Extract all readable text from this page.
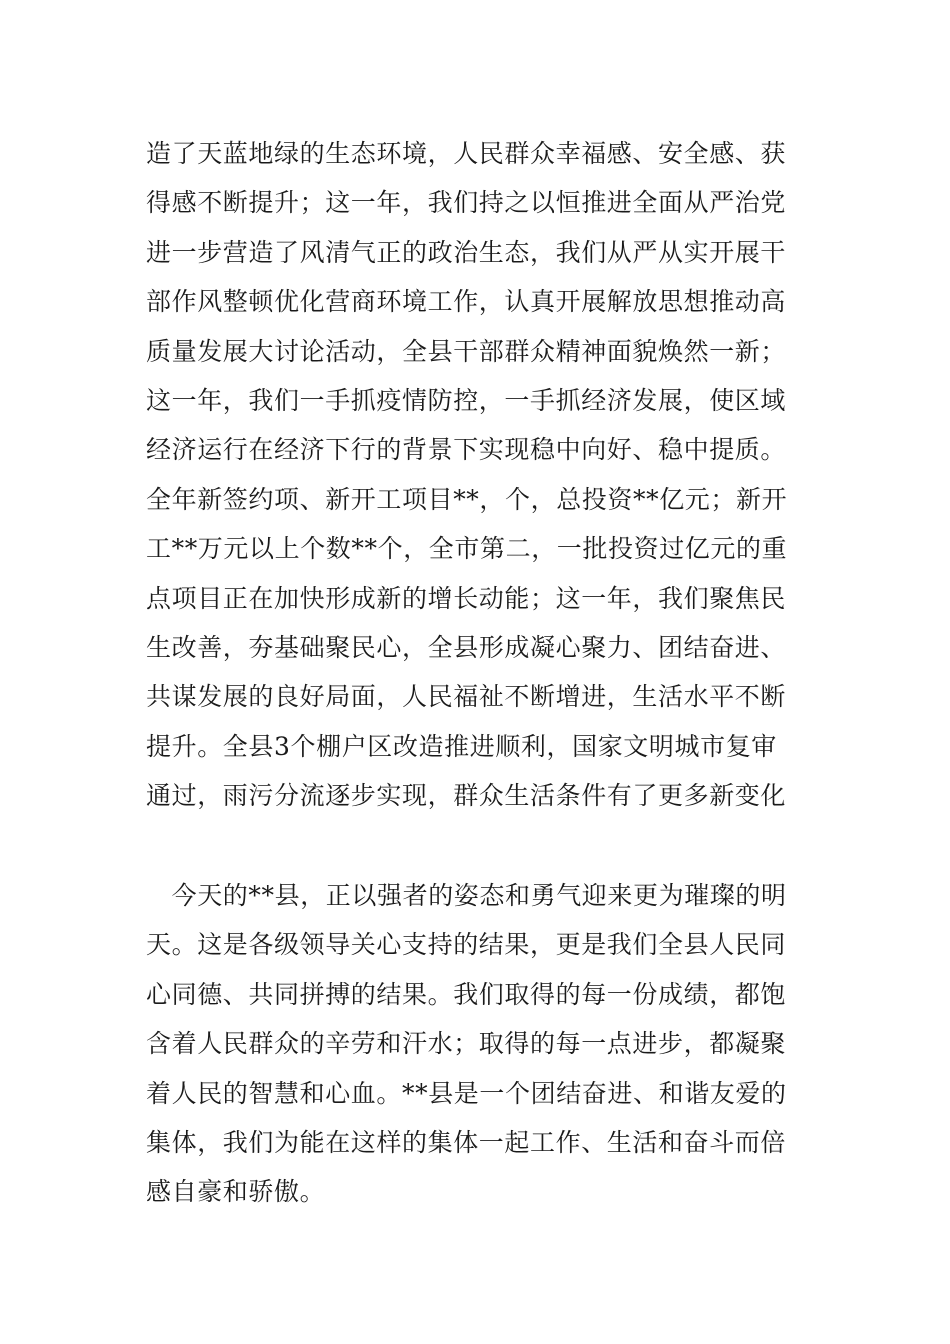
造了天蓝地绿的生态环境，人民群众幸福感、安全感、获
得感不断提升；这一年，我们持之以恒推进全面从严治党
进一步营造了风清气正的政治生态，我们从严从实开展干
部作风整顿优化营商环境工作，认真开展解放思想推动高
质量发展大讨论活动，全县干部群众精神面貌焕然一新；
这一年，我们一手抓疫情防控，一手抓经济发展，使区域
经济运行在经济下行的背景下实现稳中向好、稳中提质。
全年新签约项、新开工项目**，个，总投资**亿元；新开
工**万元以上个数**个，全市第二，一批投资过亿元的重
点项目正在加快形成新的增长动能；这一年，我们聚焦民
生改善，夯基础聚民心，全县形成凝心聚力、团结奋进、
共谋发展的良好局面，人民福祉不断增进，生活水平不断
提升。全县3个棚户区改造推进顺利，国家文明城市复审
通过，雨污分流逐步实现，群众生活条件有了更多新变化
　今天的**县，正以强者的姿态和勇气迎来更为璀璨的明
天。这是各级领导关心支持的结果，更是我们全县人民同
心同德、共同拼搏的结果。我们取得的每一份成绩，都饱
含着人民群众的辛劳和汗水；取得的每一点进步，都凝聚
着人民的智慧和心血。**县是一个团结奋进、和谐友爱的
集体，我们为能在这样的集体一起工作、生活和奋斗而倍
感自豪和骄傲。
